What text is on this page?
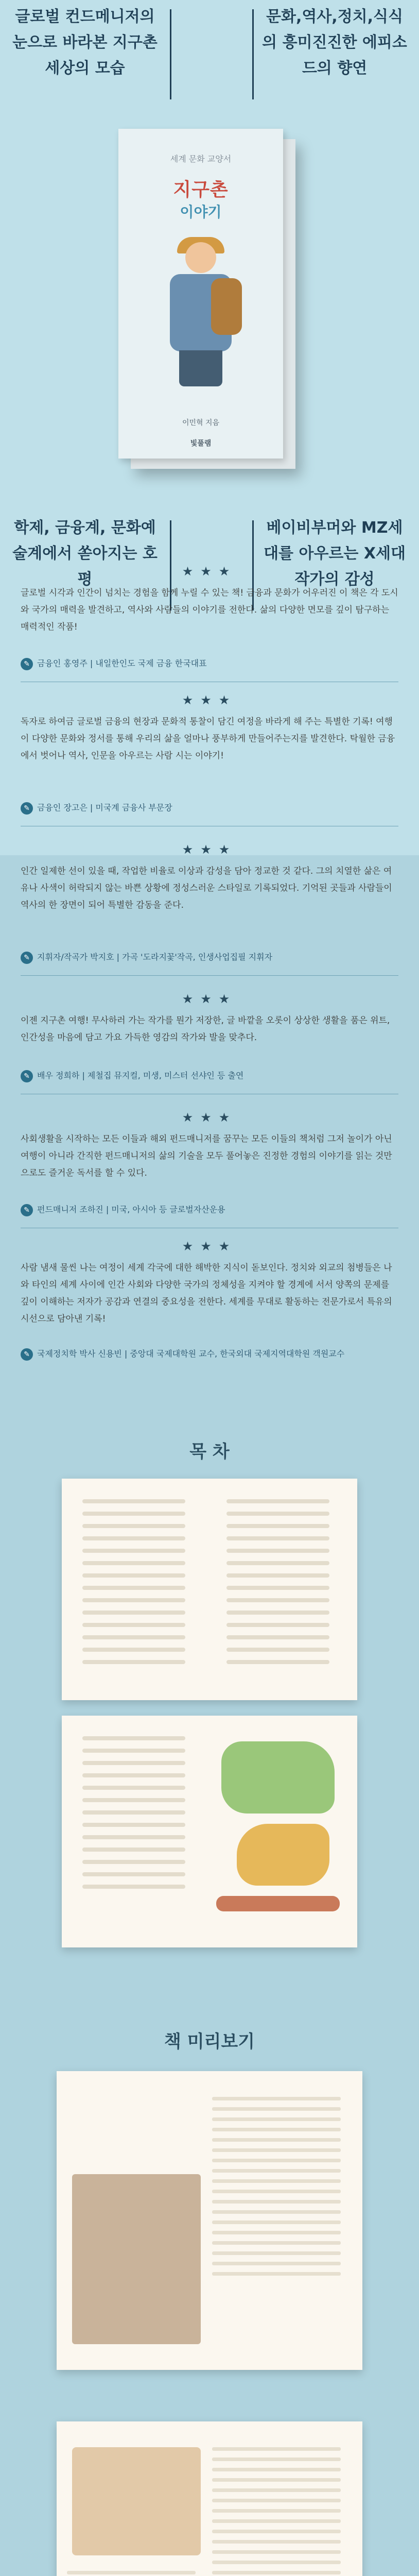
글로벌 컨드메니저의 눈으로 바라본 지구촌 세상의 모습
문화,역사,정치,식식의 흥미진진한 에피소드의 향연
세계 문화 교양서
지구촌
이야기
이민혁 지음
빛풀램
학제, 금융계, 문화예술계에서 쏟아지는 호평
베이비부머와 MZ세대를 아우르는 X세대 작가의 감성
★★★
글로벌 시각과 인간이 넘치는 경험을 함께 누릴 수 있는 책! 금융과 문화가 어우러진 이 책은 각 도시와 국가의 매력을 발견하고, 역사와 사람들의 이야기를 전한다. 삶의 다양한 면모를 깊이 탐구하는 매력적인 작품!
✎ 금융인 홍영주 | 내일한인도 국제 금융 한국대표
★★★
독자로 하여금 글로벌 금융의 현장과 문화적 통찰이 담긴 여정을 바라게 해 주는 특별한 기록! 여행이 다양한 문화와 정서를 통해 우리의 삶을 얼마나 풍부하게 만들어주는지를 발견한다. 탁월한 금융에서 벗어나 역사, 인문을 아우르는 사람 시는 이야기!
✎ 금융인 장고은 | 미국계 금융사 부문장
★★★
인간 일제한 선이 있을 때, 작업한 비율로 이상과 감성을 담아 정교한 것 같다. 그의 치열한 삶은 여유나 사색이 허락되지 않는 바쁜 상황에 정성스러운 스타일로 기록되었다. 기억된 곳들과 사람들이 역사의 한 장면이 되어 특별한 감동을 준다.
✎ 지휘자/작곡가 박지호 | 가곡 '도라지꽃'작곡, 인생사업집필 지휘자
★★★
이젠 지구촌 여행! 무사하러 가는 작가를 뭔가 저장한, 글 바깥을 오롯이 상상한 생활을 품은 위트, 인간성을 마음에 담고 가요 가득한 영감의 작가와 발을 맞추다.
✎ 배우 정희하 | 제철집 뮤지컬, 미생, 미스터 선샤인 등 출연
★★★
사회생활을 시작하는 모든 이들과 해외 펀드매니저를 꿈꾸는 모든 이들의 책처럼 그저 놀이가 아닌 여행이 아니라 간직한 펀드매니저의 삶의 기술을 모두 풀어놓은 진정한 경험의 이야기를 읽는 것만으로도 즐거운 독서를 할 수 있다.
✎ 펀드매니저 조하진 | 미국, 아시아 등 글로벌자산운용
★★★
사람 냄새 물씬 나는 여정이 세계 각국에 대한 해박한 지식이 돋보인다. 정치와 외교의 첨병들은 나와 타인의 세계 사이에 인간 사회와 다양한 국가의 정체성을 지켜야 할 경계에 서서 양쪽의 문제를 깊이 이해하는 저자가 공감과 연결의 중요성을 전한다. 세계를 무대로 활동하는 전문가로서 특유의 시선으로 담아낸 기록!
✎ 국제정치학 박사 신용빈 | 중앙대 국제대학원 교수, 한국외대 국제지역대학원 객원교수
목 차
책 미리보기
